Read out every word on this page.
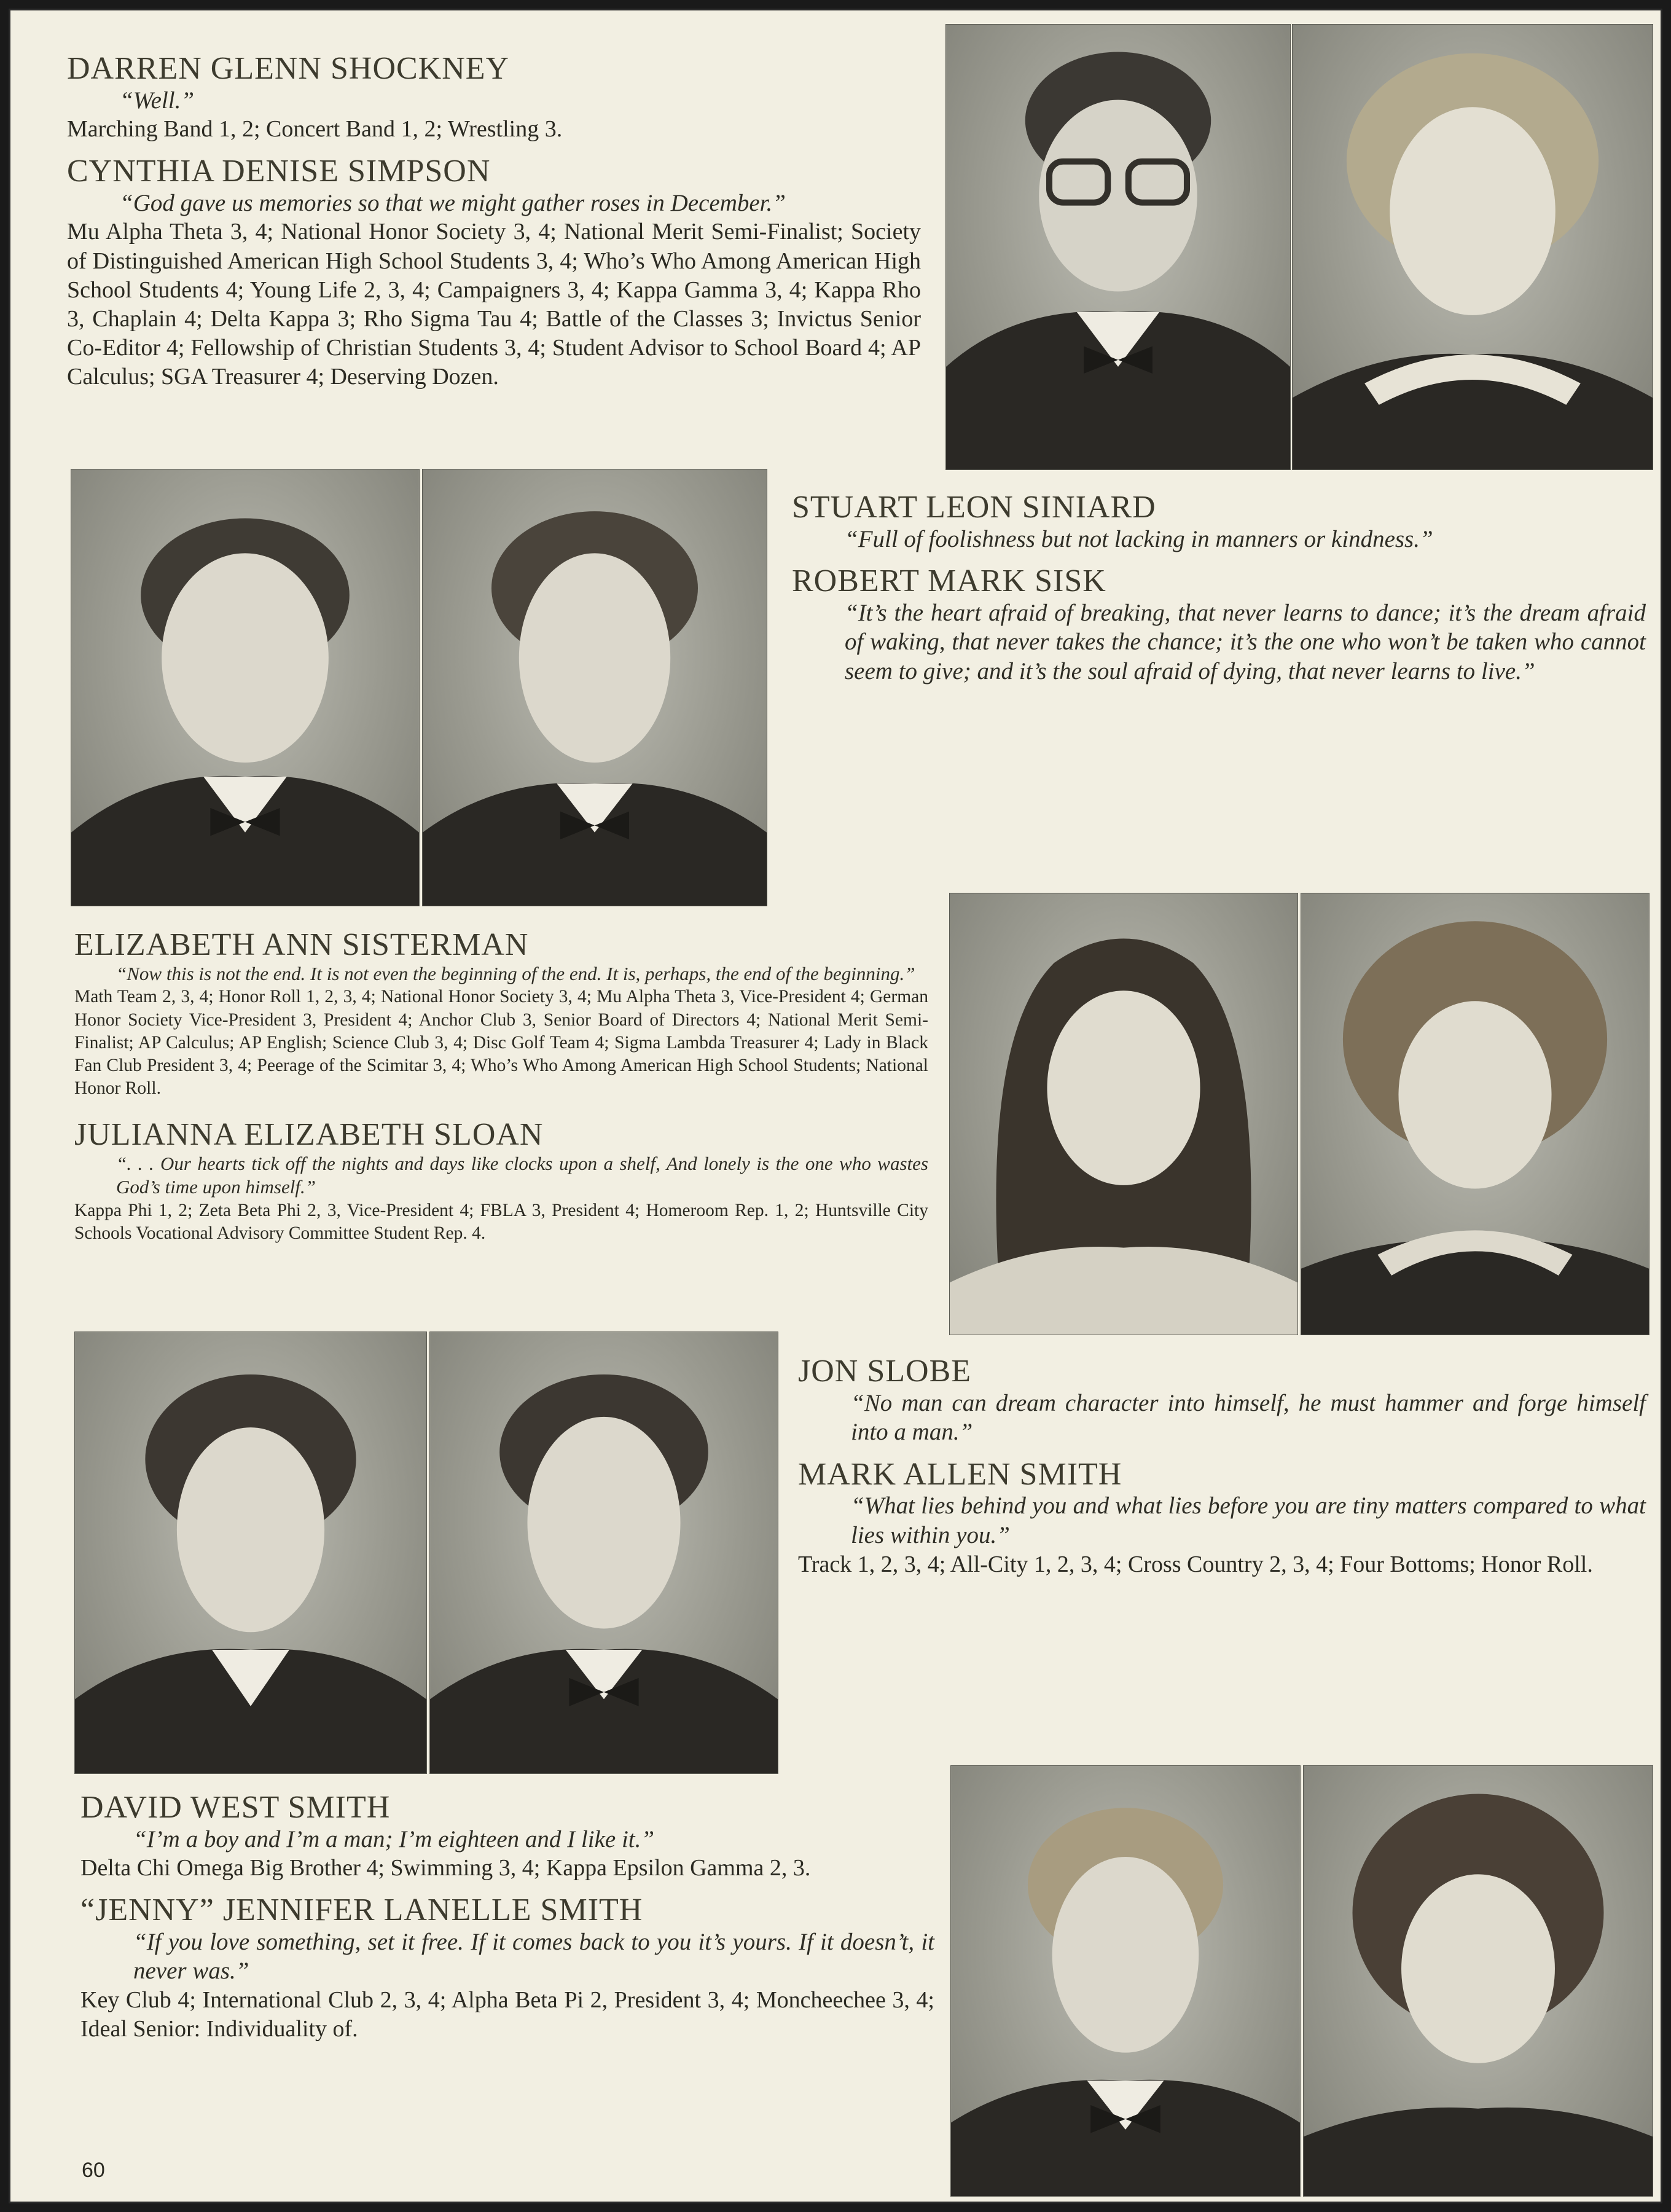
DARREN GLENN SHOCKNEY
“Well.”
Marching Band 1, 2; Concert Band 1, 2; Wrestling 3.
CYNTHIA DENISE SIMPSON
“God gave us memories so that we might gather roses in December.”
Mu Alpha Theta 3, 4; National Honor Society 3, 4; National Merit Semi-Finalist; Society of Distinguished American High School Students 3, 4; Who’s Who Among American High School Students 4; Young Life 2, 3, 4; Campaigners 3, 4; Kappa Gamma 3, 4; Kappa Rho 3, Chaplain 4; Delta Kappa 3; Rho Sigma Tau 4; Battle of the Classes 3; Invictus Senior Co-Editor 4; Fellowship of Christian Students 3, 4; Student Advisor to School Board 4; AP Calculus; SGA Treasurer 4; Deserving Dozen.
STUART LEON SINIARD
“Full of foolishness but not lacking in manners or kindness.”
ROBERT MARK SISK
“It’s the heart afraid of breaking, that never learns to dance; it’s the dream afraid of waking, that never takes the chance; it’s the one who won’t be taken who cannot seem to give; and it’s the soul afraid of dying, that never learns to live.”
ELIZABETH ANN SISTERMAN
“Now this is not the end. It is not even the beginning of the end. It is, perhaps, the end of the beginning.”
Math Team 2, 3, 4; Honor Roll 1, 2, 3, 4; National Honor Society 3, 4; Mu Alpha Theta 3, Vice-President 4; German Honor Society Vice-President 3, President 4; Anchor Club 3, Senior Board of Directors 4; National Merit Semi-Finalist; AP Calculus; AP English; Science Club 3, 4; Disc Golf Team 4; Sigma Lambda Treasurer 4; Lady in Black Fan Club President 3, 4; Peerage of the Scimitar 3, 4; Who’s Who Among American High School Students; National Honor Roll.
JULIANNA ELIZABETH SLOAN
“. . . Our hearts tick off the nights and days like clocks upon a shelf, And lonely is the one who wastes God’s time upon himself.”
Kappa Phi 1, 2; Zeta Beta Phi 2, 3, Vice-President 4; FBLA 3, President 4; Homeroom Rep. 1, 2; Huntsville City Schools Vocational Advisory Committee Student Rep. 4.
JON SLOBE
“No man can dream character into himself, he must hammer and forge himself into a man.”
MARK ALLEN SMITH
“What lies behind you and what lies before you are tiny matters compared to what lies within you.”
Track 1, 2, 3, 4; All-City 1, 2, 3, 4; Cross Country 2, 3, 4; Four Bottoms; Honor Roll.
DAVID WEST SMITH
“I’m a boy and I’m a man; I’m eighteen and I like it.”
Delta Chi Omega Big Brother 4; Swimming 3, 4; Kappa Epsilon Gamma 2, 3.
“JENNY” JENNIFER LANELLE SMITH
“If you love something, set it free. If it comes back to you it’s yours. If it doesn’t, it never was.”
Key Club 4; International Club 2, 3, 4; Alpha Beta Pi 2, President 3, 4; Moncheechee 3, 4; Ideal Senior: Individuality of.
60
